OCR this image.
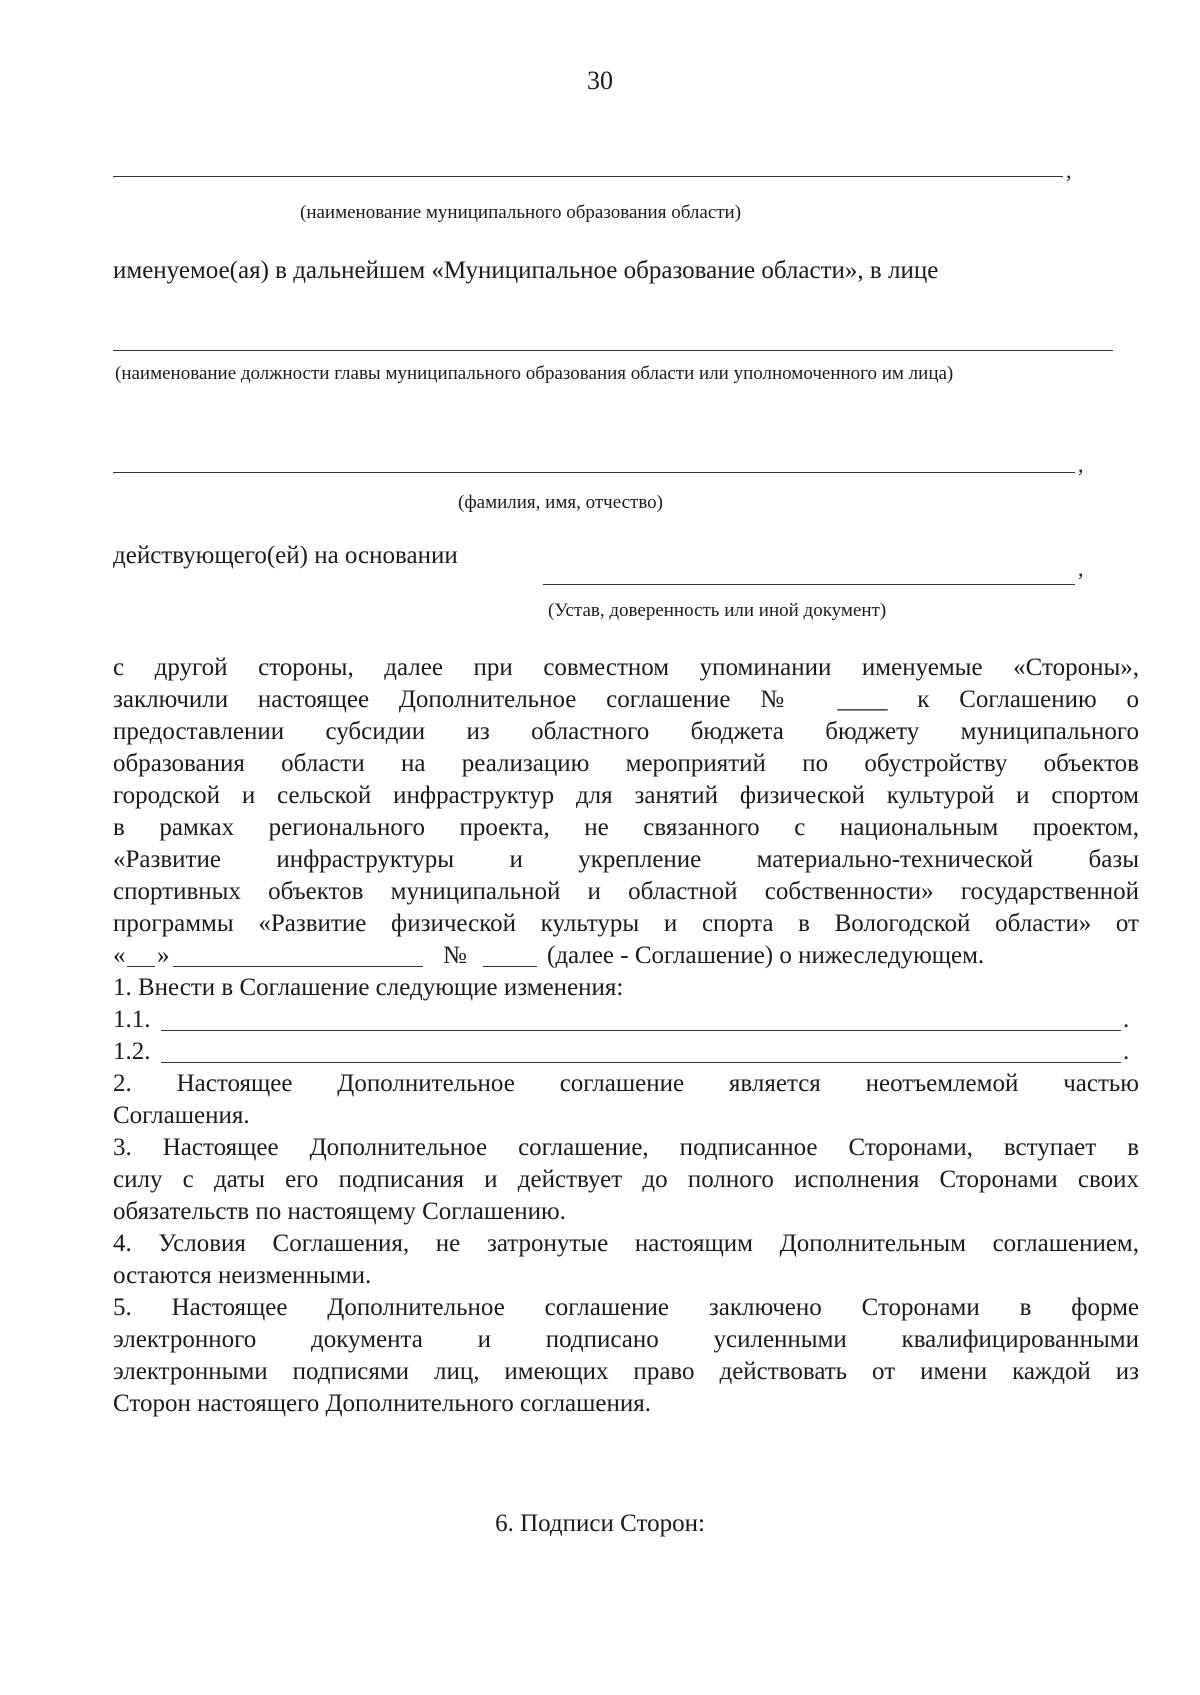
30
,
(наименование муниципального образования области)
именуемое(ая) в дальнейшем «Муниципальное образование области», в лице
(наименование должности главы муниципального образования области или уполномоченного им лица)
,
(фамилия, имя, отчество)
действующего(ей) на основании	,
(Устав, доверенность или иной документ)
с другой стороны, далее при совместном упоминании именуемые «Стороны»,
заключили настоящее Дополнительное соглашение № ____ к Соглашению о
предоставлении субсидии из областного бюджета бюджету муниципального
образования области на реализацию мероприятий по обустройству объектов
городской и сельской инфраструктур для занятий физической культурой и спортом
в рамках регионального проекта, не связанного с национальным проектом,
«Развитие инфраструктуры и укрепление материально-технической базы
спортивных объектов муниципальной и областной собственности» государственной
программы «Развитие физической культуры и спорта в Вологодской области» от
« »	№	(далее - Соглашение) о нижеследующем.
1. Внести в Соглашение следующие изменения:
1.1.	.
1.2.	.
2. Настоящее Дополнительное соглашение является неотъемлемой частью
Соглашения.
3. Настоящее Дополнительное соглашение, подписанное Сторонами, вступает в
силу с даты его подписания и действует до полного исполнения Сторонами своих
обязательств по настоящему Соглашению.
4. Условия Соглашения, не затронутые настоящим Дополнительным соглашением,
остаются неизменными.
5. Настоящее Дополнительное соглашение заключено Сторонами в форме
электронного документа и подписано усиленными квалифицированными
электронными подписями лиц, имеющих право действовать от имени каждой из
Сторон настоящего Дополнительного соглашения.
6. Подписи Сторон:
